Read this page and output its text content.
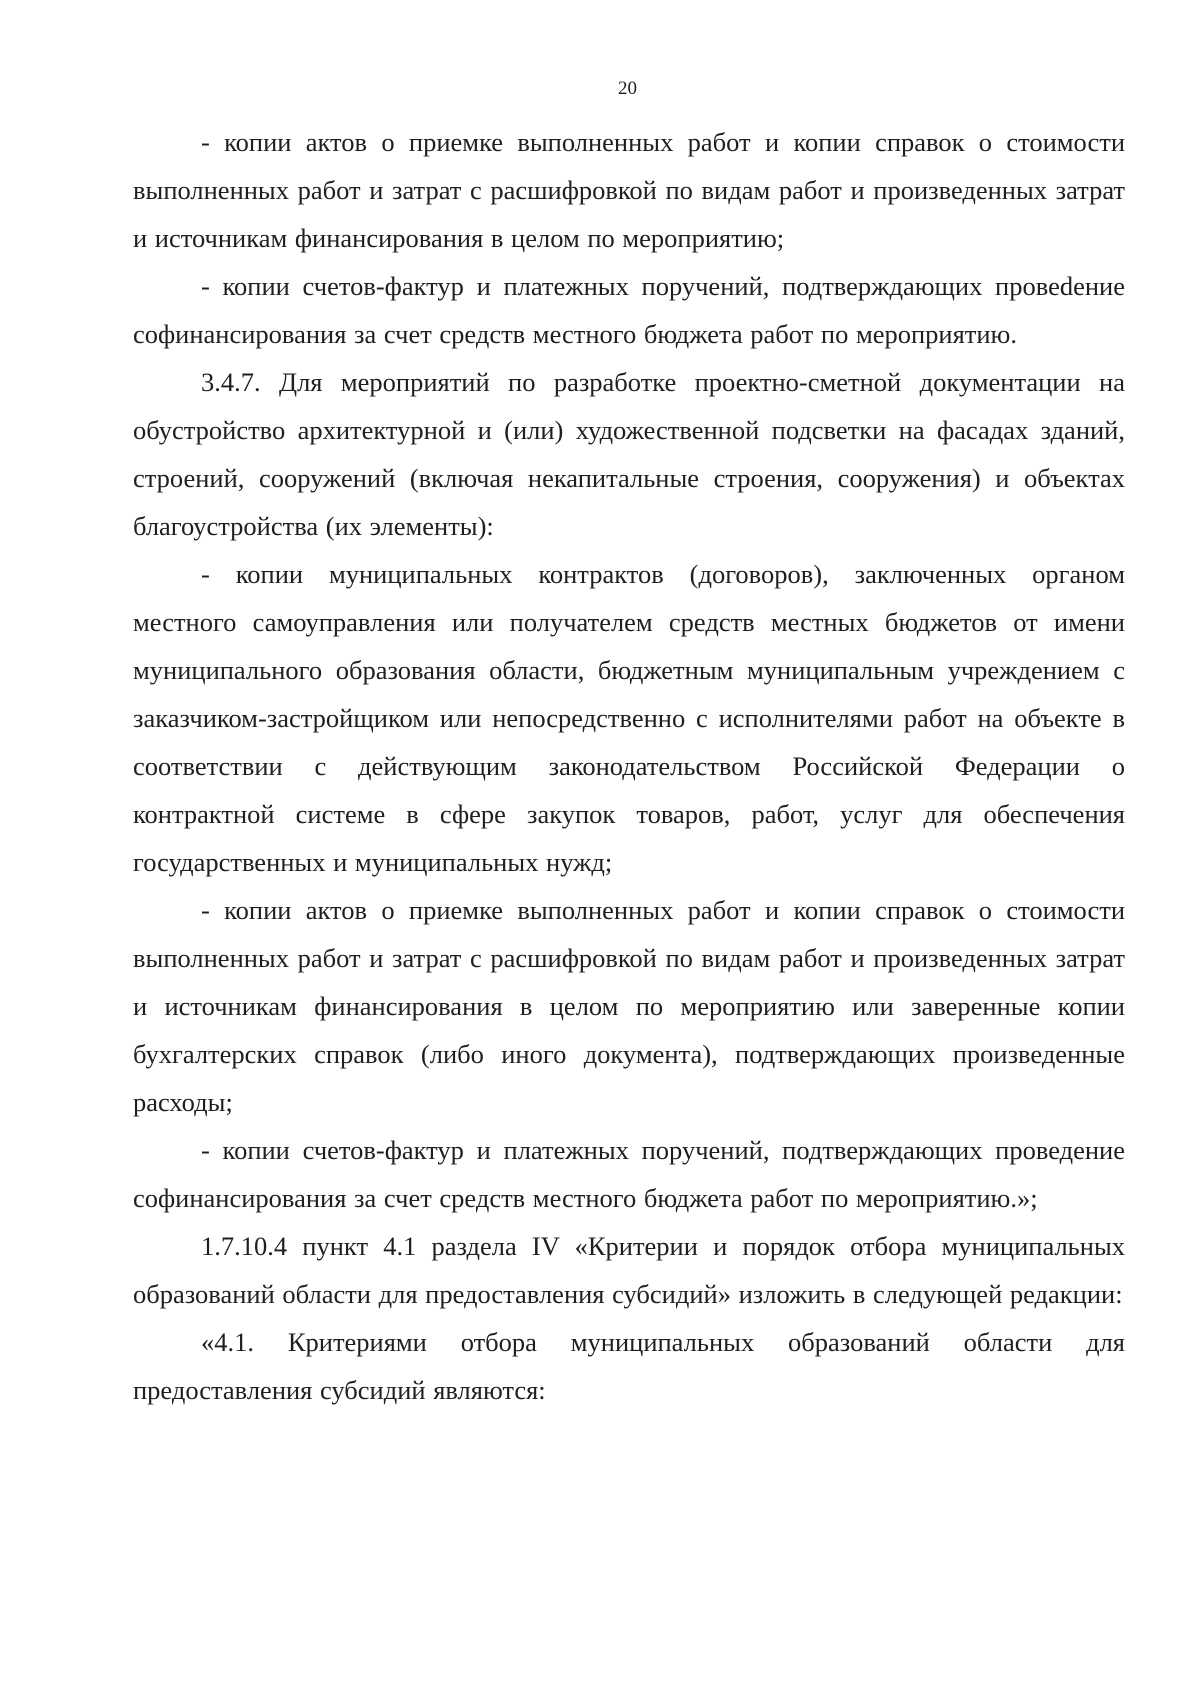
20

- копии актов о приемке выполненных работ и копии справок о стоимости выполненных работ и затрат с расшифровкой по видам работ и произведенных затрат и источникам финансирования в целом по мероприятию;

- копии счетов-фактур и платежных поручений, подтверждающих провеdение софинансирования за счет средств местного бюджета работ по мероприятию.

3.4.7. Для мероприятий по разработке проектно-сметной документации на обустройство архитектурной и (или) художественной подсветки на фасадах зданий, строений, сооружений (включая некапитальные строения, сооружения) и объектах благоустройства (их элементы):

- копии муниципальных контрактов (договоров), заключенных органом местного самоуправления или получателем средств местных бюджетов от имени муниципального образования области, бюджетным муниципальным учреждением с заказчиком-застройщиком или непосредственно с исполнителями работ на объекте в соответствии с действующим законодательством Российской Федерации о контрактной системе в сфере закупок товаров, работ, услуг для обеспечения государственных и муниципальных нужд;

- копии актов о приемке выполненных работ и копии справок о стоимости выполненных работ и затрат с расшифровкой по видам работ и произведенных затрат и источникам финансирования в целом по мероприятию или заверенные копии бухгалтерских справок (либо иного документа), подтверждающих произведенные расходы;

- копии счетов-фактур и платежных поручений, подтверждающих проведение софинансирования за счет средств местного бюджета работ по мероприятию.»;

1.7.10.4 пункт 4.1 раздела IV «Критерии и порядок отбора муниципальных образований области для предоставления субсидий» изложить в следующей редакции:

«4.1. Критериями отбора муниципальных образований области для предоставления субсидий являются:
